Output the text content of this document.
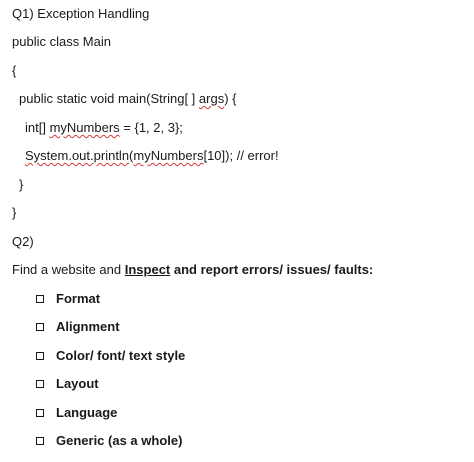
Q1) Exception Handling
public class Main
{
public static void main(String[ ] args) {
int[] myNumbers = {1, 2, 3};
System.out.println(myNumbers[10]); // error!
}
}
Q2)
Find a website and Inspect and report errors/ issues/ faults:
Format
Alignment
Color/ font/ text style
Layout
Language
Generic (as a whole)
